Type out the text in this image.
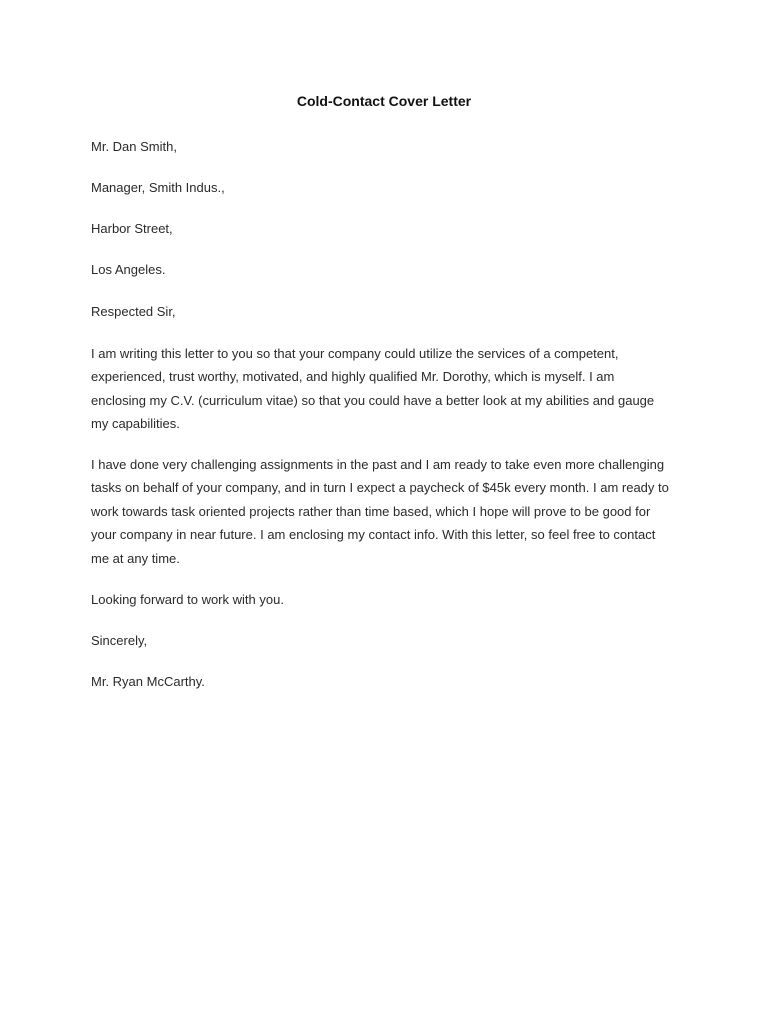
Cold-Contact Cover Letter
Mr. Dan Smith,
Manager, Smith Indus.,
Harbor Street,
Los Angeles.
Respected Sir,
I am writing this letter to you so that your company could utilize the services of a competent,
experienced, trust worthy, motivated, and highly qualified Mr. Dorothy, which is myself. I am
enclosing my C.V. (curriculum vitae) so that you could have a better look at my abilities and gauge
my capabilities.
I have done very challenging assignments in the past and I am ready to take even more challenging
tasks on behalf of your company, and in turn I expect a paycheck of $45k every month. I am ready to
work towards task oriented projects rather than time based, which I hope will prove to be good for
your company in near future. I am enclosing my contact info. With this letter, so feel free to contact
me at any time.
Looking forward to work with you.
Sincerely,
Mr. Ryan McCarthy.
